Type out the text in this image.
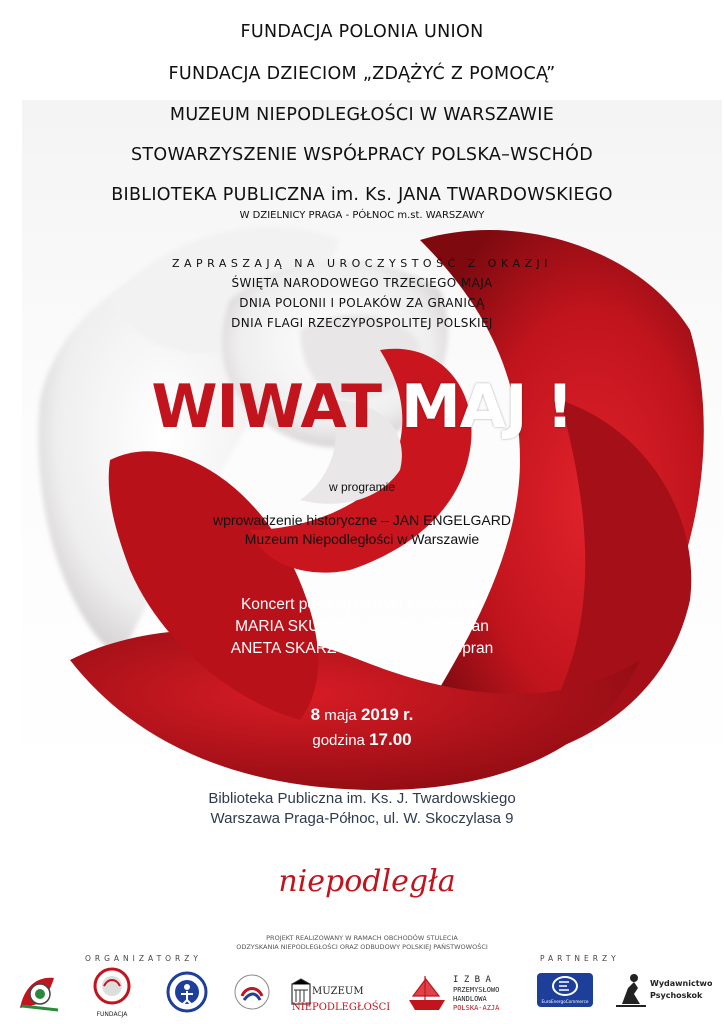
FUNDACJA POLONIA UNION
FUNDACJA DZIECIOM „ZDĄŻYĆ Z POMOCĄ”
MUZEUM NIEPODLEGŁOŚCI W WARSZAWIE
STOWARZYSZENIE WSPÓŁPRACY POLSKA–WSCHÓD
BIBLIOTEKA PUBLICZNA im. Ks. JANA TWARDOWSKIEGO
W DZIELNICY PRAGA - PÓŁNOC m.st. WARSZAWY
ZAPRASZAJĄ NA UROCZYSTOŚĆ Z OKAZJI
ŚWIĘTA NARODOWEGO TRZECIEGO MAJA
DNIA POLONII I POLAKÓW ZA GRANICĄ
DNIA FLAGI RZECZYPOSPOLITEJ POLSKIEJ
WIWAT MAJ !
w programie
wprowadzenie historyczne – JAN ENGELGARD
Muzeum Niepodległości w Warszawie
Koncert polskiej muzyki klasycznej:
MARIA SKURJAT - SILVA – fortepian
ANETA SKARŻYŃSKI – mezzosopran
8 maja 2019 r.
godzina 17.00
Biblioteka Publiczna im. Ks. J. Twardowskiego
Warszawa Praga-Północ, ul. W. Skoczylasa 9
niepodległa
PROJEKT REALIZOWANY W RAMACH OBCHODÓW STULECIA
ODZYSKANIA NIEPODLEGŁOŚCI ORAZ ODBUDOWY POLSKIEJ PAŃSTWOWOŚCI
ORGANIZATORZY	PARTNERZY
FUNDACJA
MUZEUM
NIEPODLEGŁOŚCI
I Z B A
PRZEMYSŁOWO
HANDLOWA
POLSKA-AZJA
EuroEnergoCommerce
Wydawnictwo
Psychoskok
